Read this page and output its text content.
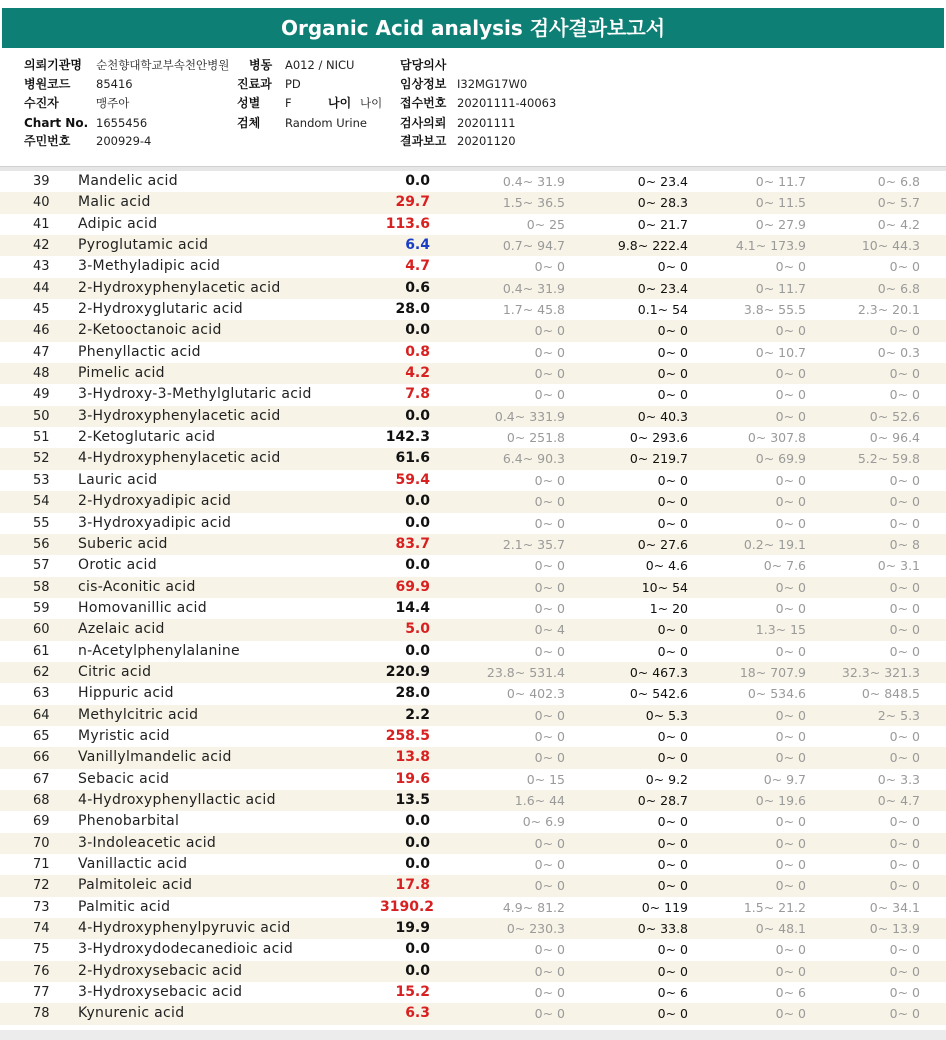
Organic Acid analysis 검사결과보고서
의뢰기관명 순천향대학교부속천안병원 병동 A012 / NICU	담당의사
병원코드 85416	진료과 PD	임상정보 I32MG17W0
수진자	맹주아	성별 F	나이 나이 접수번호 20201111-40063
Chart No. 1655456	검체 Random Urine	검사의뢰 20201111
주민번호 200929-4	결과보고 20201120
39 Mandelic acid	0.0	0.4~ 31.9	0~ 23.4	0~ 11.7	0~ 6.8
40 Malic acid	29.7	1.5~ 36.5	0~ 28.3	0~ 11.5	0~ 5.7
41 Adipic acid	113.6	0~ 25	0~ 21.7	0~ 27.9	0~ 4.2
42 Pyroglutamic acid	6.4	0.7~ 94.7	9.8~ 222.4	4.1~ 173.9	10~ 44.3
43 3-Methyladipic acid	4.7	0~ 0	0~ 0	0~ 0	0~ 0
44 2-Hydroxyphenylacetic acid	0.6	0.4~ 31.9	0~ 23.4	0~ 11.7	0~ 6.8
45 2-Hydroxyglutaric acid	28.0	1.7~ 45.8	0.1~ 54	3.8~ 55.5	2.3~ 20.1
46 2-Ketooctanoic acid	0.0	0~ 0	0~ 0	0~ 0	0~ 0
47 Phenyllactic acid	0.8	0~ 0	0~ 0	0~ 10.7	0~ 0.3
48 Pimelic acid	4.2	0~ 0	0~ 0	0~ 0	0~ 0
49 3-Hydroxy-3-Methylglutaric acid	7.8	0~ 0	0~ 0	0~ 0	0~ 0
50 3-Hydroxyphenylacetic acid	0.0	0.4~ 331.9	0~ 40.3	0~ 0	0~ 52.6
51 2-Ketoglutaric acid	142.3	0~ 251.8	0~ 293.6	0~ 307.8	0~ 96.4
52 4-Hydroxyphenylacetic acid	61.6	6.4~ 90.3	0~ 219.7	0~ 69.9	5.2~ 59.8
53 Lauric acid	59.4	0~ 0	0~ 0	0~ 0	0~ 0
54 2-Hydroxyadipic acid	0.0	0~ 0	0~ 0	0~ 0	0~ 0
55 3-Hydroxyadipic acid	0.0	0~ 0	0~ 0	0~ 0	0~ 0
56 Suberic acid	83.7	2.1~ 35.7	0~ 27.6	0.2~ 19.1	0~ 8
57 Orotic acid	0.0	0~ 0	0~ 4.6	0~ 7.6	0~ 3.1
58 cis-Aconitic acid	69.9	0~ 0	10~ 54	0~ 0	0~ 0
59 Homovanillic acid	14.4	0~ 0	1~ 20	0~ 0	0~ 0
60 Azelaic acid	5.0	0~ 4	0~ 0	1.3~ 15	0~ 0
61 n-Acetylphenylalanine	0.0	0~ 0	0~ 0	0~ 0	0~ 0
62 Citric acid	220.9	23.8~ 531.4	0~ 467.3	18~ 707.9	32.3~ 321.3
63 Hippuric acid	28.0	0~ 402.3	0~ 542.6	0~ 534.6	0~ 848.5
64 Methylcitric acid	2.2	0~ 0	0~ 5.3	0~ 0	2~ 5.3
65 Myristic acid	258.5	0~ 0	0~ 0	0~ 0	0~ 0
66 Vanillylmandelic acid	13.8	0~ 0	0~ 0	0~ 0	0~ 0
67 Sebacic acid	19.6	0~ 15	0~ 9.2	0~ 9.7	0~ 3.3
68 4-Hydroxyphenyllactic acid	13.5	1.6~ 44	0~ 28.7	0~ 19.6	0~ 4.7
69 Phenobarbital	0.0	0~ 6.9	0~ 0	0~ 0	0~ 0
70 3-Indoleacetic acid	0.0	0~ 0	0~ 0	0~ 0	0~ 0
71 Vanillactic acid	0.0	0~ 0	0~ 0	0~ 0	0~ 0
72 Palmitoleic acid	17.8	0~ 0	0~ 0	0~ 0	0~ 0
73 Palmitic acid	3190.2	4.9~ 81.2	0~ 119	1.5~ 21.2	0~ 34.1
74 4-Hydroxyphenylpyruvic acid	19.9	0~ 230.3	0~ 33.8	0~ 48.1	0~ 13.9
75 3-Hydroxydodecanedioic acid	0.0	0~ 0	0~ 0	0~ 0	0~ 0
76 2-Hydroxysebacic acid	0.0	0~ 0	0~ 0	0~ 0	0~ 0
77 3-Hydroxysebacic acid	15.2	0~ 0	0~ 6	0~ 6	0~ 0
78 Kynurenic acid	6.3	0~ 0	0~ 0	0~ 0	0~ 0
